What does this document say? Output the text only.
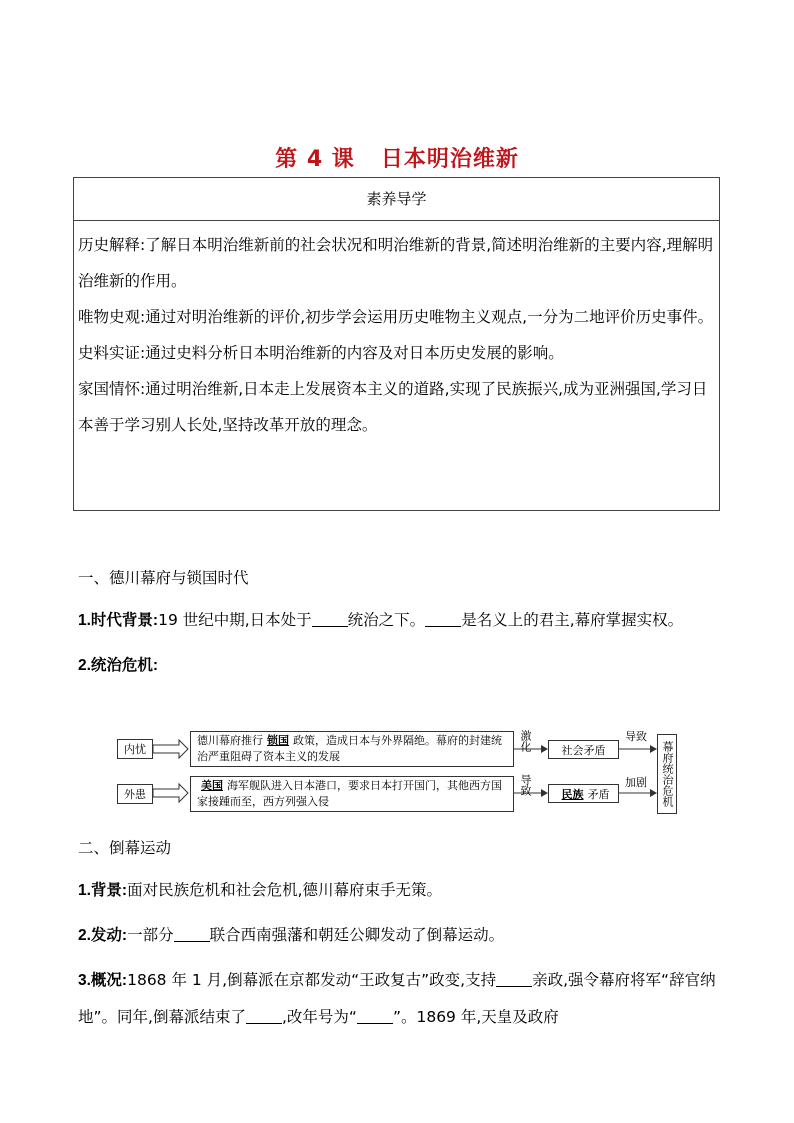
第 4 课 日本明治维新
素养导学

历史解释:了解日本明治维新前的社会状况和明治维新的背景,简述明治维新的主要内容,理解明治维新的作用。

唯物史观:通过对明治维新的评价,初步学会运用历史唯物主义观点,一分为二地评价历史事件。

史料实证:通过史料分析日本明治维新的内容及对日本历史发展的影响。

家国情怀:通过明治维新,日本走上发展资本主义的道路,实现了民族振兴,成为亚洲强国,学习日本善于学习别人长处,坚持改革开放的理念。

一、德川幕府与锁国时代

1.时代背景:19 世纪中期,日本处于 统治之下。 是名义上的君主,幕府掌握实权。

2.统治危机:

内忧
外患
德川幕府推行 锁国 政策，造成日本与外界隔绝。幕府的封建统治严重阻碍了资本主义的发展
美国 海军舰队进入日本港口，要求日本打开国门，其他西方国家接踵而至，西方列强入侵
激化
导致
社会矛盾
民族 矛盾
导致
加剧 幕府统治危机

二、倒幕运动

1.背景:面对民族危机和社会危机,德川幕府束手无策。

2.发动:一部分 联合西南强藩和朝廷公卿发动了倒幕运动。

3.概况:1868 年 1 月,倒幕派在京都发动“王政复古”政变,支持 亲政,强令幕府将军“辞官纳地”。同年,倒幕派结束了 ,改年号为“ ”。1869 年,天皇及政府
